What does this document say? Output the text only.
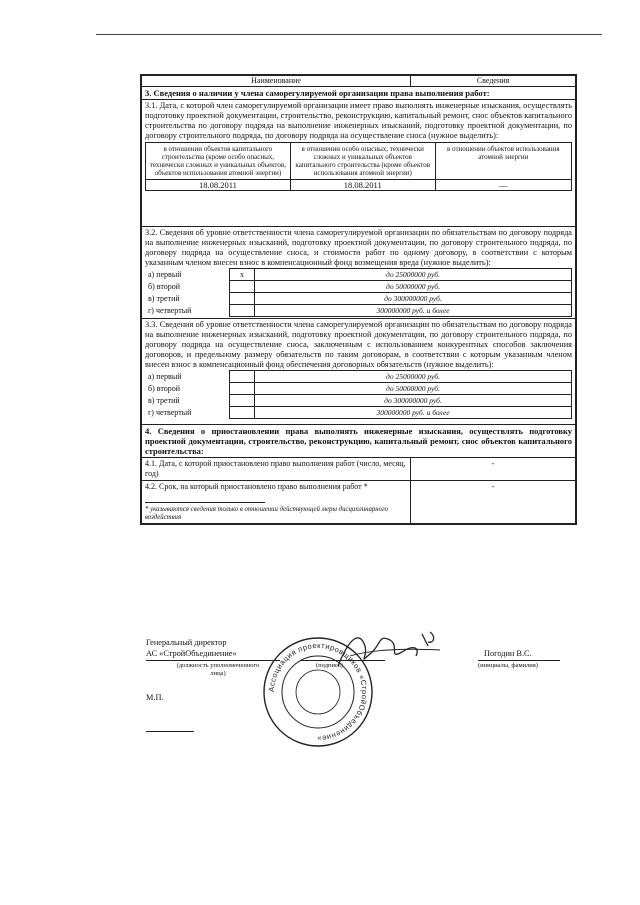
Наименование	Сведения
3. Сведения о наличии у члена саморегулируемой организации права выполнения работ:

3.1. Дата, с которой член саморегулируемой организации имеет право выполнять инженерные изыскания, осуществлять подготовку проектной документации, строительство, реконструкцию, капитальный ремонт, снос объектов капитального строительства по договору подряда на выполнение инженерных изысканий, подготовку проектной документации, по договору строительного подряда, по договору подряда на осуществление сноса (нужное выделить):
в отношении объектов капитального строительства (кроме особо опасных, технически сложных и уникальных объектов, объектов использования атомной энергии)	в отношении особо опасных, технически сложных и уникальных объектов капитального строительства (кроме объектов использования атомной энергии)	в отношении объектов использования атомной энергии
18.08.2011	18.08.2011	—

3.2. Сведения об уровне ответственности члена саморегулируемой организации по обязательствам по договору подряда на выполнение инженерных изысканий, подготовку проектной документации, по договору строительного подряда, по договору подряда на осуществление сноса, и стоимости работ по одному договору, в соответствии с которым указанным членом внесен взнос в компенсационный фонд возмещения вреда (нужное выделить):
а) первый	х	до 25000000 руб.
б) второй		до 50000000 руб.
в) третий		до 300000000 руб.
г) четвертый		300000000 руб. и более

3.3. Сведения об уровне ответственности члена саморегулируемой организации по обязательствам по договору подряда на выполнение инженерных изысканий, подготовку проектной документации, по договору строительного подряда, по договору подряда на осуществление сноса, заключенным с использованием конкурентных способов заключения договоров, и предельному размеру обязательств по таким договорам, в соответствии с которым указанным членом внесен взнос в компенсационный фонд обеспечения договорных обязательств (нужное выделить):
а) первый		до 25000000 руб.
б) второй		до 50000000 руб.
в) третий		до 300000000 руб.
г) четвертый		300000000 руб. и более

4. Сведения о приостановлении права выполнять инженерные изыскания, осуществлять подготовку проектной документации, строительство, реконструкцию, капитальный ремонт, снос объектов капитального строительства:
4.1. Дата, с которой приостановлено право выполнения работ (число, месяц, год)	-

4.2. Срок, на который приостановлено право выполнения работ *
* указываются сведения только в отношении действующей меры дисциплинарного воздействия
	-
Генеральный директор
АС «СтройОбъединение»
(должность уполномоченного лица)
(подпись)
Погодин В.С.
(инициалы, фамилия)
М.П.
Ассоциация проектировщиков «СтройОбъединение»
